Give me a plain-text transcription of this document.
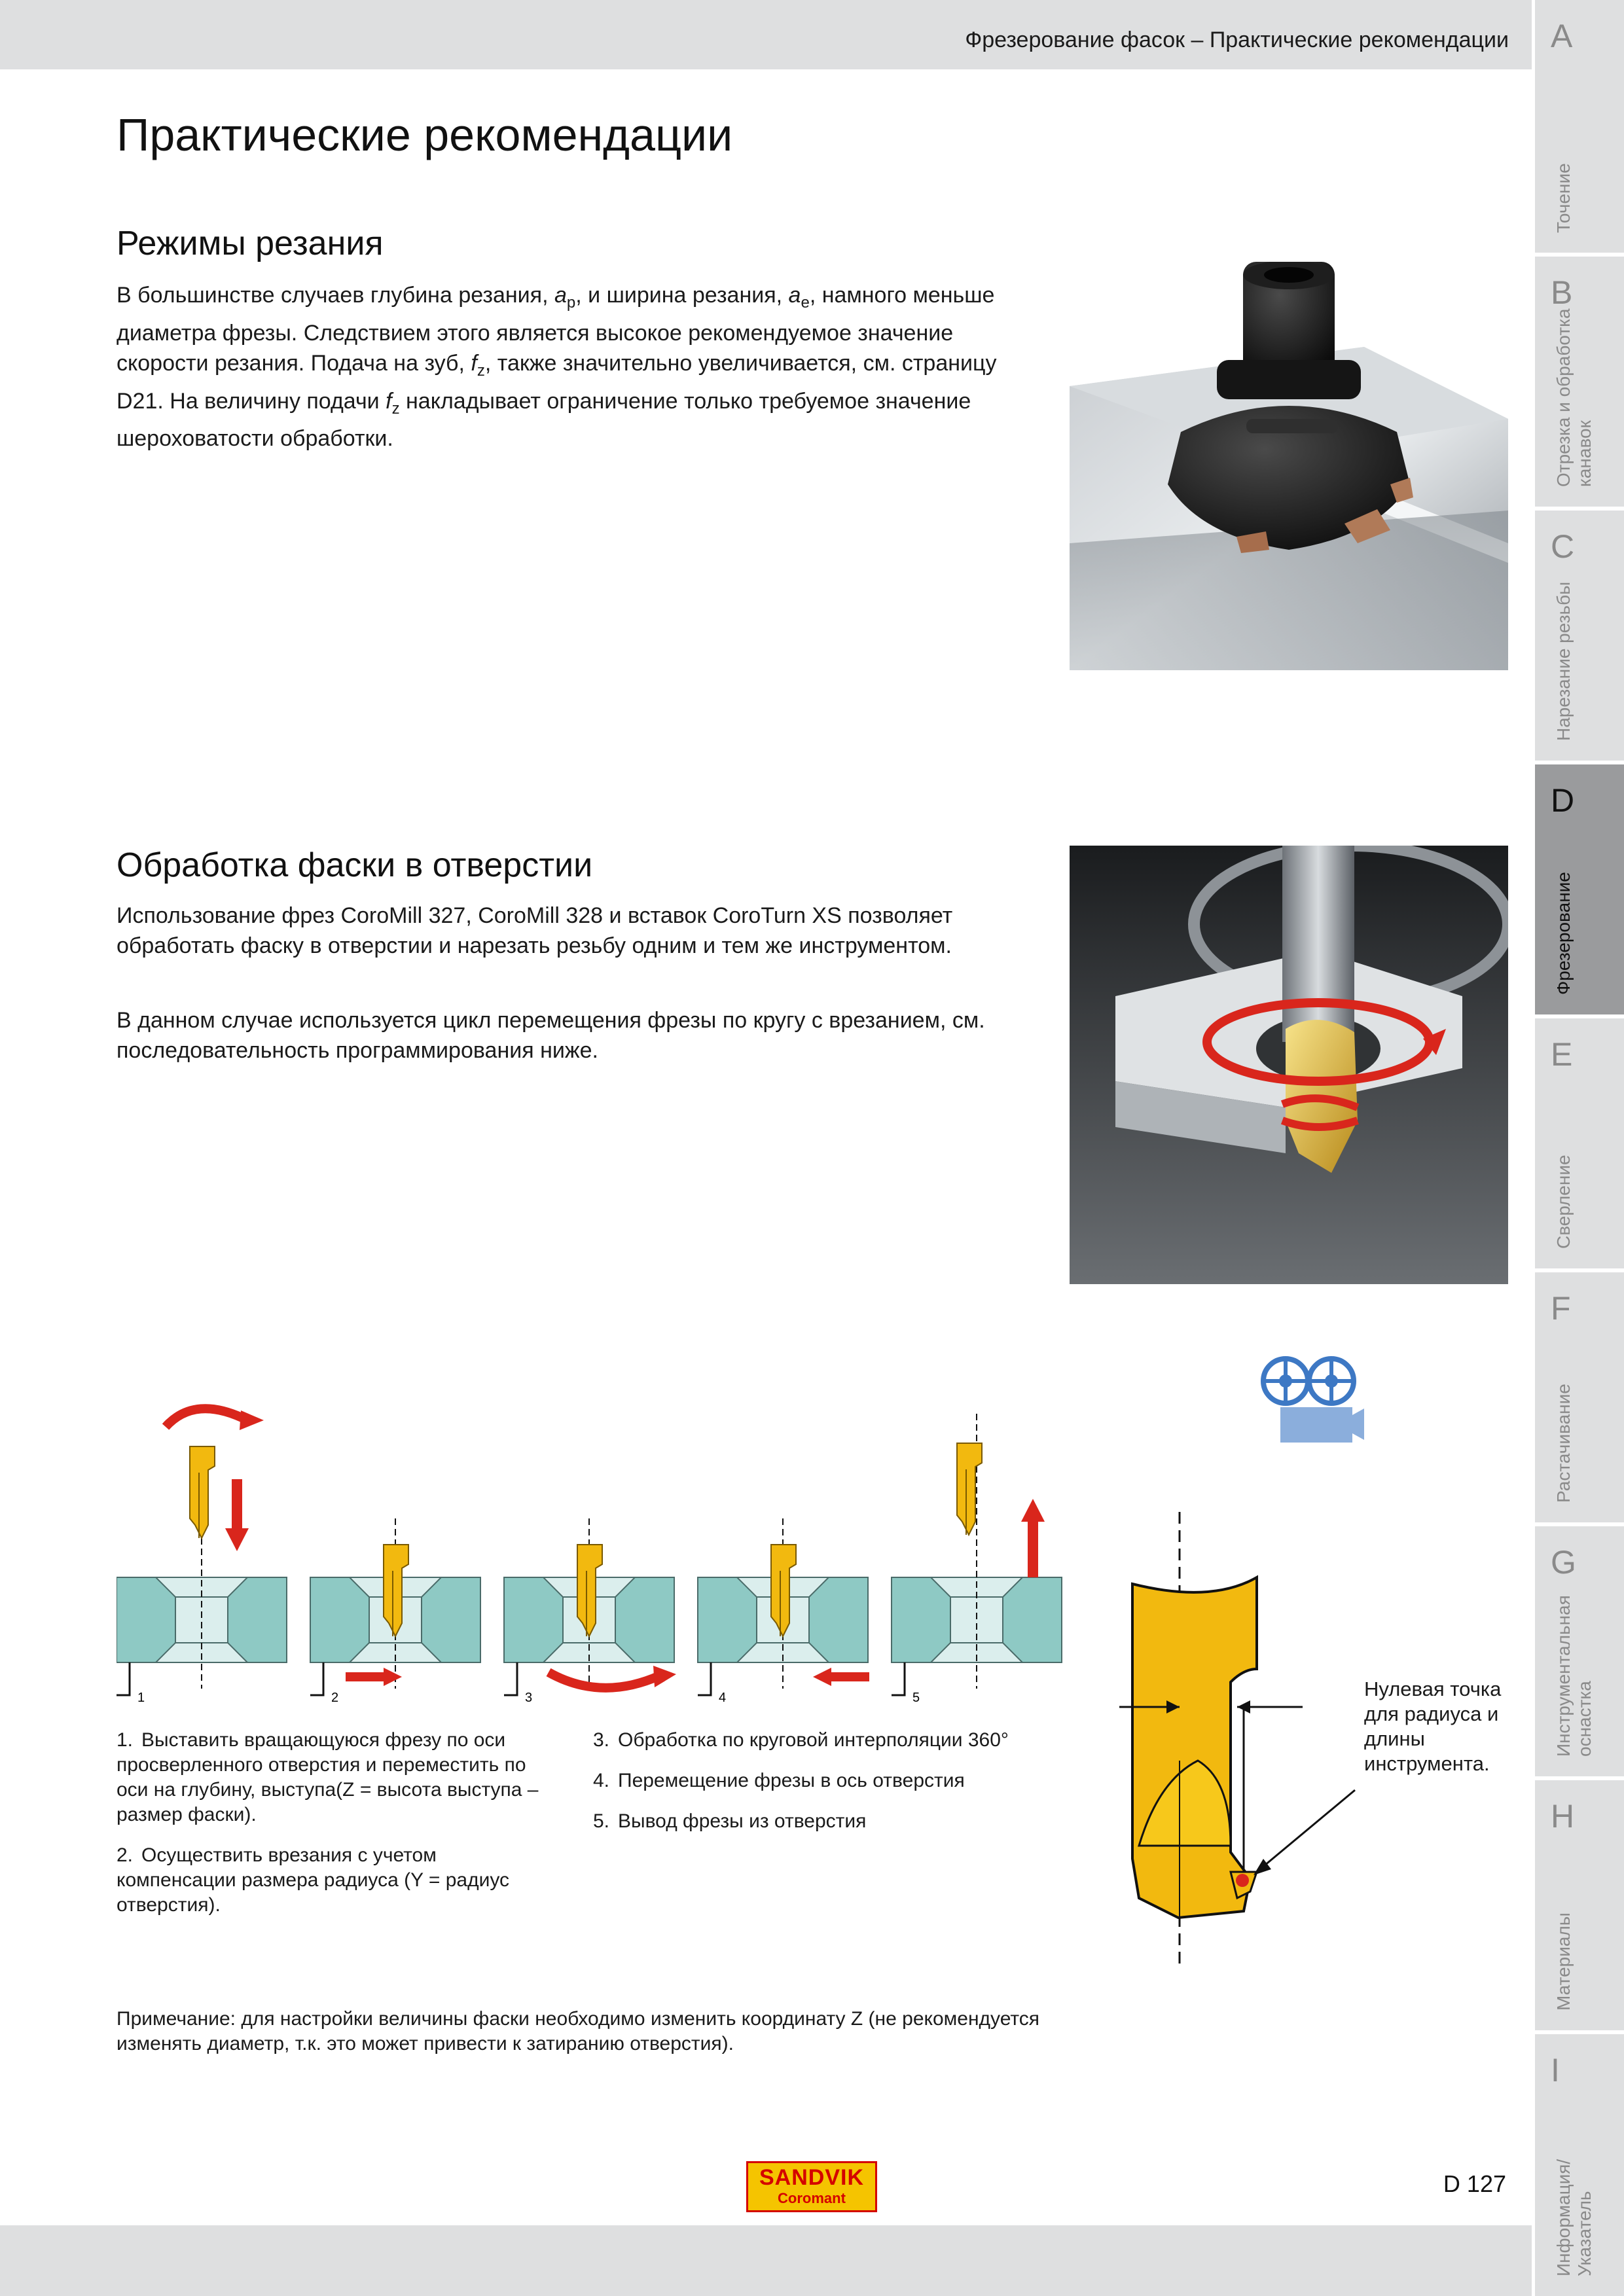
Фрезерование фасок – Практические рекомендации A
Точение
B
Отрезка и обработка канавок
C
Нарезание резьбы
D
Фрезерование
E
Сверление
F
Растачивание
G
Инструментальная оснастка
H
Материалы
I
Информация/ Указатель
Практические рекомендации
Режимы резания
В большинстве случаев глубина резания, $a_p$, и ширина резания, $a_e$, намного меньше диаметра фрезы. Следствием этого является высокое рекомендуемое значение скорости резания. Подача на зуб, $f_z$, также значительно увеличивается, см. страницу D21. На величину подачи $f_z$ накладывает ограничение только требуемое значение шероховатости обработки.
Обработка фаски в отверстии
Использование фрез CoroMill 327, CoroMill 328 и вставок CoroTurn XS позволяет обработать фаску в отверстии и нарезать резьбу одним и тем же инструментом.
В данном случае используется цикл перемещения фрезы по кругу с врезанием, см. последовательность программирования ниже.
1	2	3	4	5	Нулевая точка для радиуса и длины инструмента.
1. Выставить вращающуюся фрезу по оси просверленного отверстия и переместить по оси на глубину, выступа(Z = высота выступа – размер фаски).
2. Осуществить врезания с учетом компенсации размера радиуса (Y = радиус отверстия).
3. Обработка по круговой интерполяции 360°
4. Перемещение фрезы в ось отверстия
5. Вывод фрезы из отверстия
Примечание: для настройки величины фаски необходимо изменить координату Z (не рекомендуется изменять диаметр, т.к. это может привести к затиранию отверстия).
SANDVIK
Coromant
D 127
